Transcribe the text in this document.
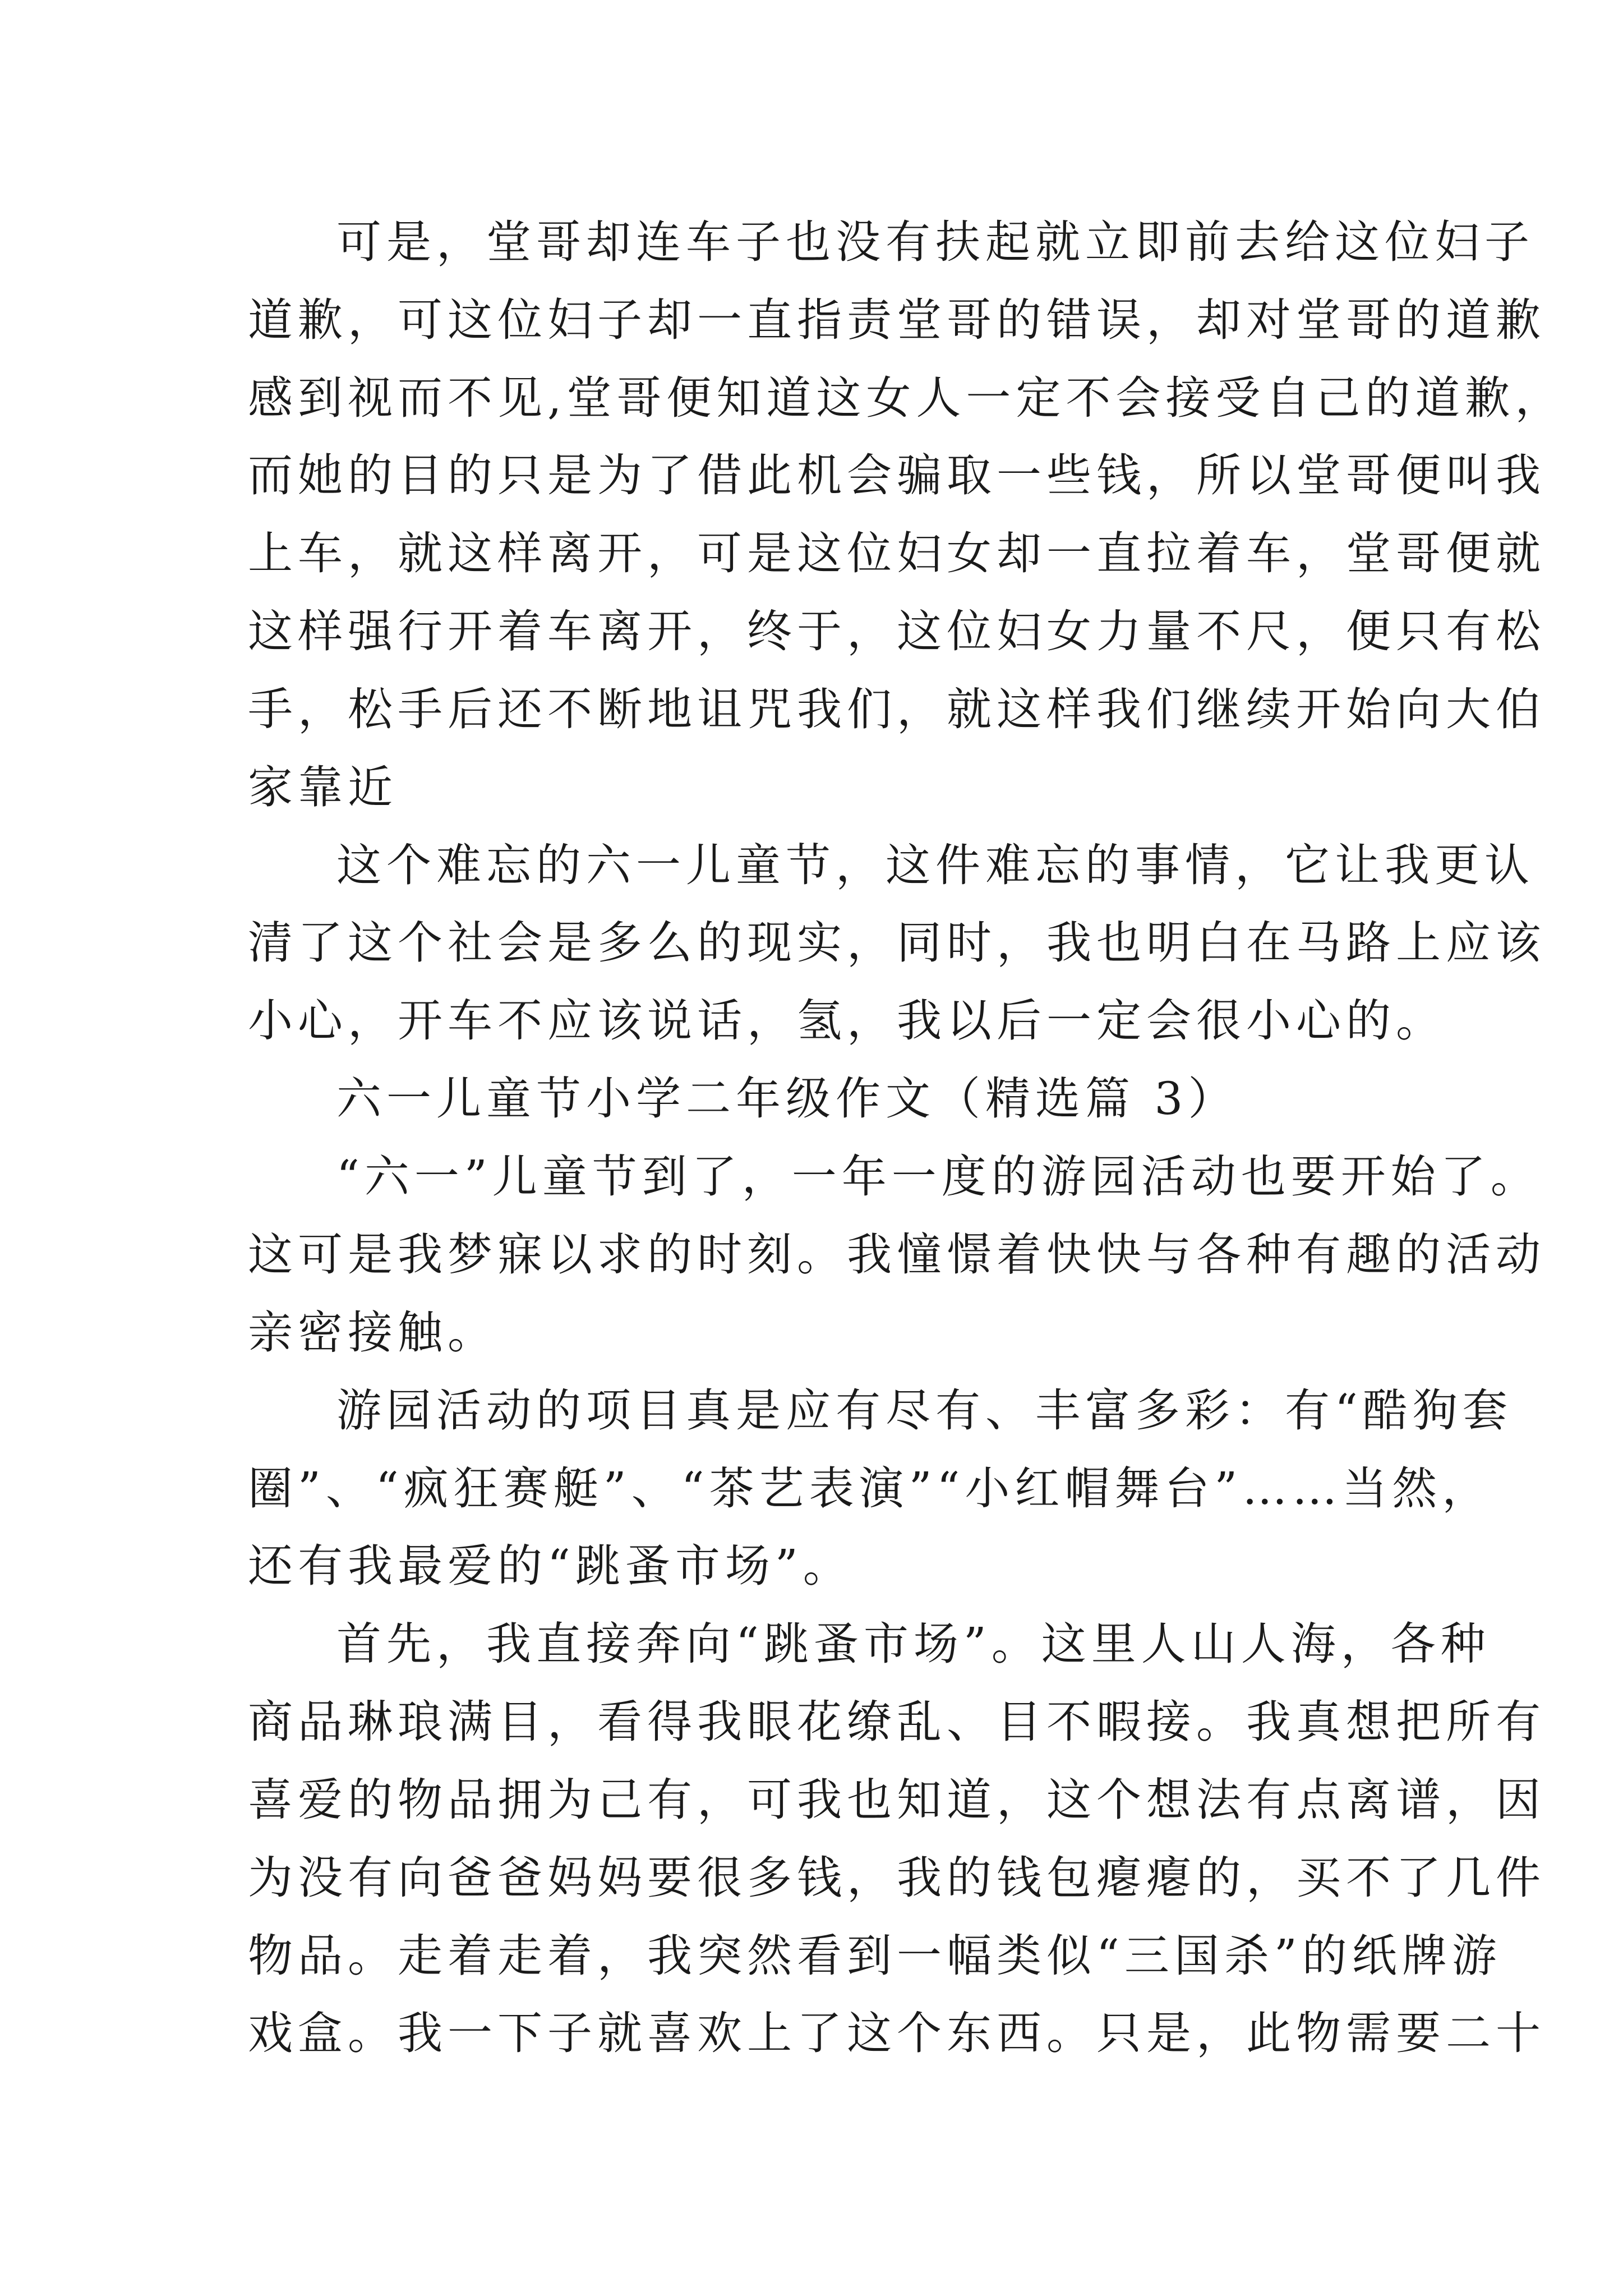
可是，堂哥却连车子也没有扶起就立即前去给这位妇子
道歉，可这位妇子却一直指责堂哥的错误，却对堂哥的道歉
感到视而不见,堂哥便知道这女人一定不会接受自己的道歉，
而她的目的只是为了借此机会骗取一些钱，所以堂哥便叫我
上车，就这样离开，可是这位妇女却一直拉着车，堂哥便就
这样强行开着车离开，终于，这位妇女力量不尺，便只有松
手，松手后还不断地诅咒我们，就这样我们继续开始向大伯
家靠近
这个难忘的六一儿童节，这件难忘的事情，它让我更认
清了这个社会是多么的现实，同时，我也明白在马路上应该
小心，开车不应该说话，氢，我以后一定会很小心的。
六一儿童节小学二年级作文（精选篇 3）
“六一”儿童节到了，一年一度的游园活动也要开始了。
这可是我梦寐以求的时刻。我憧憬着快快与各种有趣的活动
亲密接触。
游园活动的项目真是应有尽有、丰富多彩：有“酷狗套
圈”、“疯狂赛艇”、“茶艺表演”“小红帽舞台”……当然，
还有我最爱的“跳蚤市场”。
首先，我直接奔向“跳蚤市场”。这里人山人海，各种
商品琳琅满目，看得我眼花缭乱、目不暇接。我真想把所有
喜爱的物品拥为己有，可我也知道，这个想法有点离谱，因
为没有向爸爸妈妈要很多钱，我的钱包瘪瘪的，买不了几件
物品。走着走着，我突然看到一幅类似“三国杀”的纸牌游
戏盒。我一下子就喜欢上了这个东西。只是，此物需要二十
